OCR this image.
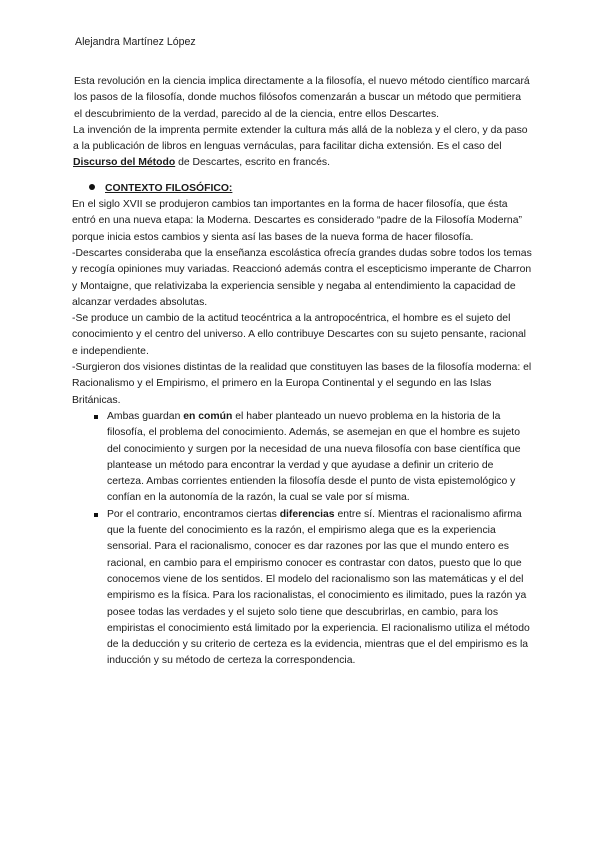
Alejandra Martínez López

Esta revolución en la ciencia implica directamente a la filosofía, el nuevo método científico marcará los pasos de la filosofía, donde muchos filósofos comenzarán a buscar un método que permitiera el descubrimiento de la verdad, parecido al de la ciencia, entre ellos Descartes.

La invención de la imprenta permite extender la cultura más allá de la nobleza y el clero, y da paso a la publicación de libros en lenguas vernáculas, para facilitar dicha extensión. Es el caso del Discurso del Método de Descartes, escrito en francés.

CONTEXTO FILOSÓFICO:

En el siglo XVII se produjeron cambios tan importantes en la forma de hacer filosofía, que ésta entró en una nueva etapa: la Moderna. Descartes es considerado “padre de la Filosofía Moderna” porque inicia estos cambios y sienta así las bases de la nueva forma de hacer filosofía.

-Descartes consideraba que la enseñanza escolástica ofrecía grandes dudas sobre todos los temas y recogía opiniones muy variadas. Reaccionó además contra el escepticismo imperante de Charron y Montaigne, que relativizaba la experiencia sensible y negaba al entendimiento la capacidad de alcanzar verdades absolutas.

-Se produce un cambio de la actitud teocéntrica a la antropocéntrica, el hombre es el sujeto del conocimiento y el centro del universo. A ello contribuye Descartes con su sujeto pensante, racional e independiente.

-Surgieron dos visiones distintas de la realidad que constituyen las bases de la filosofía moderna: el Racionalismo y el Empirismo, el primero en la Europa Continental y el segundo en las Islas Británicas.

Ambas guardan en común el haber planteado un nuevo problema en la historia de la filosofía, el problema del conocimiento. Además, se asemejan en que el hombre es sujeto del conocimiento y surgen por la necesidad de una nueva filosofía con base científica que plantease un método para encontrar la verdad y que ayudase a definir un criterio de certeza. Ambas corrientes entienden la filosofía desde el punto de vista epistemológico y confían en la autonomía de la razón, la cual se vale por sí misma.
Por el contrario, encontramos ciertas diferencias entre sí. Mientras el racionalismo afirma que la fuente del conocimiento es la razón, el empirismo alega que es la experiencia sensorial. Para el racionalismo, conocer es dar razones por las que el mundo entero es racional, en cambio para el empirismo conocer es contrastar con datos, puesto que lo que conocemos viene de los sentidos. El modelo del racionalismo son las matemáticas y el del empirismo es la física. Para los racionalistas, el conocimiento es ilimitado, pues la razón ya posee todas las verdades y el sujeto solo tiene que descubrirlas, en cambio, para los empiristas el conocimiento está limitado por la experiencia. El racionalismo utiliza el método de la deducción y su criterio de certeza es la evidencia, mientras que el del empirismo es la inducción y su método de certeza la correspondencia.
